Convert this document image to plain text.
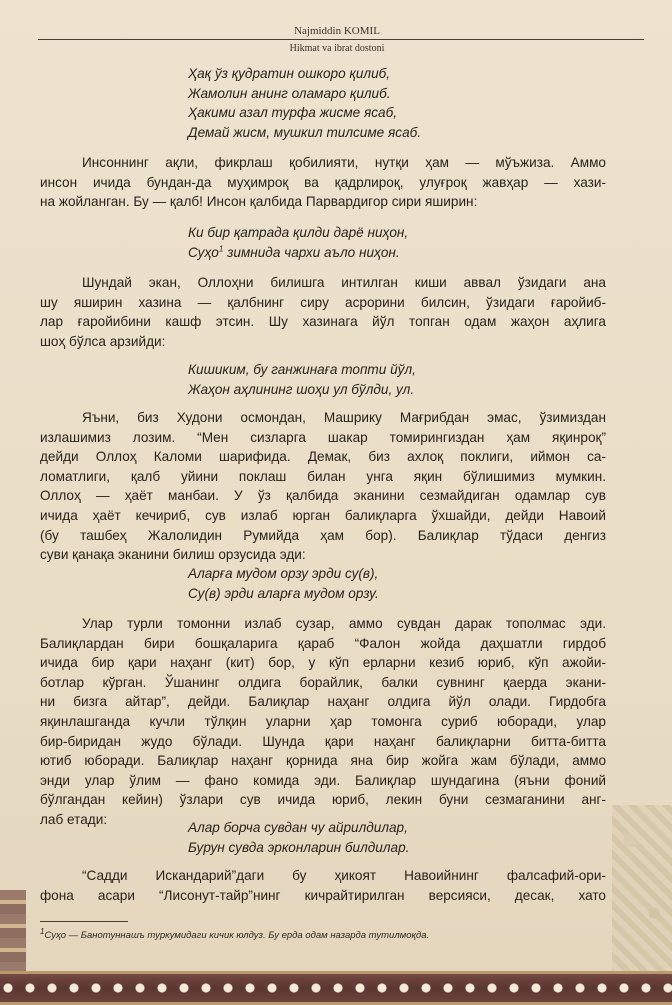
Najmiddin KOMIL
Hikmat va ibrat dostoni

Ҳақ ўз қудратин ошкоро қилиб,

Жамолин анинг оламаро қилиб.

Ҳакими азал турфа жисме ясаб,

Демай жисм, мушкил тилсиме ясаб.

Инсоннинг ақли, фикрлаш қобилияти, нутқи ҳам — мўъжиза. Аммо

инсон ичида бундан-да муҳимроқ ва қадрлироқ, улуғроқ жавҳар — хази-

на жойланган. Бу — қалб! Инсон қалбида Парвардигор сири яширин:

Ки бир қатрада қилди дарё ниҳон,

Суҳо$^1$ зимнида чархи аъло ниҳон.

Шундай экан, Оллоҳни билишга интилган киши аввал ўзидаги ана

шу яширин хазина — қалбнинг сиру асрорини билсин, ўзидаги ғаройиб-

лар ғаройибини кашф этсин. Шу хазинага йўл топган одам жаҳон аҳлига

шоҳ бўлса арзийди:

Кишиким, бу ганжинаға топти йўл,

Жаҳон аҳлининг шоҳи ул бўлди, ул.

Яъни, биз Худони осмондан, Машрику Мағрибдан эмас, ўзимиздан

излашимиз лозим. “Мен сизларга шакар томирингиздан ҳам яқинроқ”

дейди Оллоҳ Каломи шарифида. Демак, биз ахлоқ поклиги, иймон са-

ломатлиги, қалб уйини поклаш билан унга яқин бўлишимиз мумкин.

Оллоҳ — ҳаёт манбаи. У ўз қалбида эканини сезмайдиган одамлар сув

ичида ҳаёт кечириб, сув излаб юрган балиқларга ўхшайди, дейди Навоий

(бу ташбеҳ Жалолидин Румийда ҳам бор). Балиқлар тўдаси денгиз

суви қанақа эканини билиш орзусида эди:

Аларға мудом орзу эрди су(в),

Су(в) эрди аларға мудом орзу.

Улар турли томонни излаб сузар, аммо сувдан дарак тополмас эди.

Балиқлардан бири бошқаларига қараб “Фалон жойда даҳшатли гирдоб

ичида бир қари наҳанг (кит) бор, у кўп ерларни кезиб юриб, кўп ажойи-

ботлар кўрган. Ўшанинг олдига борайлик, балки сувнинг қаерда экани-

ни бизга айтар”, дейди. Балиқлар наҳанг олдига йўл олади. Гирдобга

яқинлашганда кучли тўлқин уларни ҳар томонга суриб юборади, улар

бир-биридан жудо бўлади. Шунда қари наҳанг балиқларни битта-битта

ютиб юборади. Балиқлар наҳанг қорнида яна бир жойга жам бўлади, аммо

энди улар ўлим — фано комида эди. Балиқлар шундагина (яъни фоний

бўлгандан кейин) ўзлари сув ичида юриб, лекин буни сезмаганини анг-

лаб етади:

Алар борча сувдан чу айрилдилар,

Бурун сувда эрконларин билдилар.

“Садди Искандарий”даги бу ҳикоят Навоийнинг фалсафий-ори-

фона асари “Лисонут-тайр”нинг кичрайтирилган версияси, десак, хато

$^1$Суҳо — Банотуннашъ туркумидаги кичик юлдуз. Бу ерда одам назарда тутилмоқда.
